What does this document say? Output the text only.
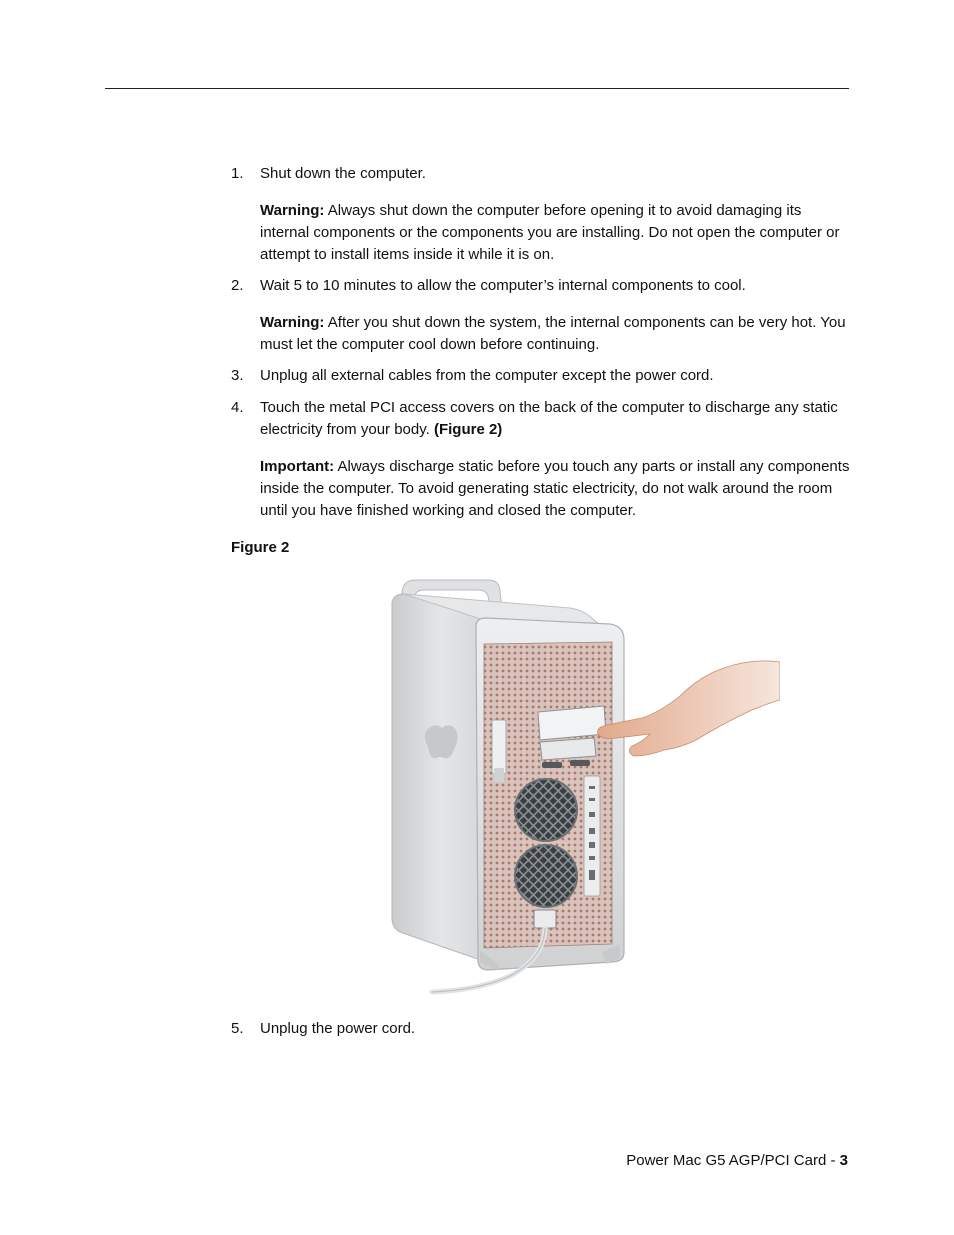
1.	Shut down the computer.
Warning: Always shut down the computer before opening it to avoid damaging its internal components or the components you are installing. Do not open the computer or attempt to install items inside it while it is on.
2.	Wait 5 to 10 minutes to allow the computer’s internal components to cool.
Warning: After you shut down the system, the internal components can be very hot. You must let the computer cool down before continuing.
3.	Unplug all external cables from the computer except the power cord.
4.	Touch the metal PCI access covers on the back of the computer to discharge any static electricity from your body. (Figure 2)
Important: Always discharge static before you touch any parts or install any components inside the computer. To avoid generating static electricity, do not walk around the room until you have finished working and closed the computer.
Figure 2
5.	Unplug the power cord.
Power Mac G5 AGP/PCI Card - 3
